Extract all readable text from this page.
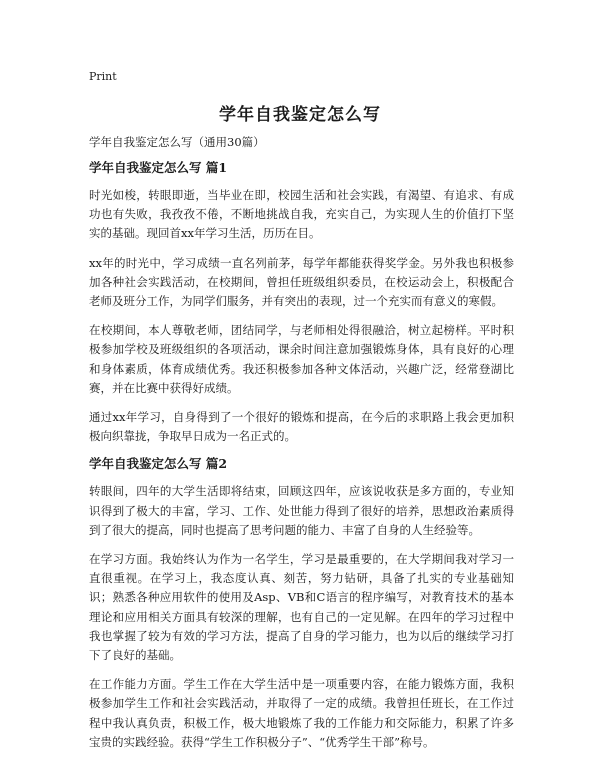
Print
学年自我鉴定怎么写

学年自我鉴定怎么写（通用30篇）

学年自我鉴定怎么写 篇1

时光如梭，转眼即逝，当毕业在即，校园生活和社会实践，有渴望、有追求、有成功也有失败，我孜孜不倦，不断地挑战自我，充实自己，为实现人生的价值打下坚实的基础。现回首xx年学习生活，历历在目。

xx年的时光中，学习成绩一直名列前茅，每学年都能获得奖学金。另外我也积极参加各种社会实践活动，在校期间，曾担任班级组织委员，在校运动会上，积极配合老师及班分工作，为同学们服务，并有突出的表现，过一个充实而有意义的寒假。

在校期间，本人尊敬老师，团结同学，与老师相处得很融洽，树立起榜样。平时积极参加学校及班级组织的各项活动，课余时间注意加强锻炼身体，具有良好的心理和身体素质，体育成绩优秀。我还积极参加各种文体活动，兴趣广泛，经常登湖比赛，并在比赛中获得好成绩。

通过xx年学习，自身得到了一个很好的锻炼和提高，在今后的求职路上我会更加积极向织靠拢，争取早日成为一名正式的。

学年自我鉴定怎么写 篇2

转眼间，四年的大学生活即将结束，回顾这四年，应该说收获是多方面的，专业知识得到了极大的丰富，学习、工作、处世能力得到了很好的培养，思想政治素质得到了很大的提高，同时也提高了思考问题的能力、丰富了自身的人生经验等。

在学习方面。我始终认为作为一名学生，学习是最重要的，在大学期间我对学习一直很重视。在学习上，我态度认真、刻苦，努力钻研，具备了扎实的专业基础知识；熟悉各种应用软件的使用及Asp、VB和C语言的程序编写，对教育技术的基本理论和应用相关方面具有较深的理解，也有自己的一定见解。在四年的学习过程中我也掌握了较为有效的学习方法，提高了自身的学习能力，也为以后的继续学习打下了良好的基础。

在工作能力方面。学生工作在大学生活中是一项重要内容，在能力锻炼方面，我积极参加学生工作和社会实践活动，并取得了一定的成绩。我曾担任班长，在工作过程中我认真负责，积极工作，极大地锻炼了我的工作能力和交际能力，积累了许多宝贵的实践经验。获得“学生工作积极分子”、“优秀学生干部”称号。
